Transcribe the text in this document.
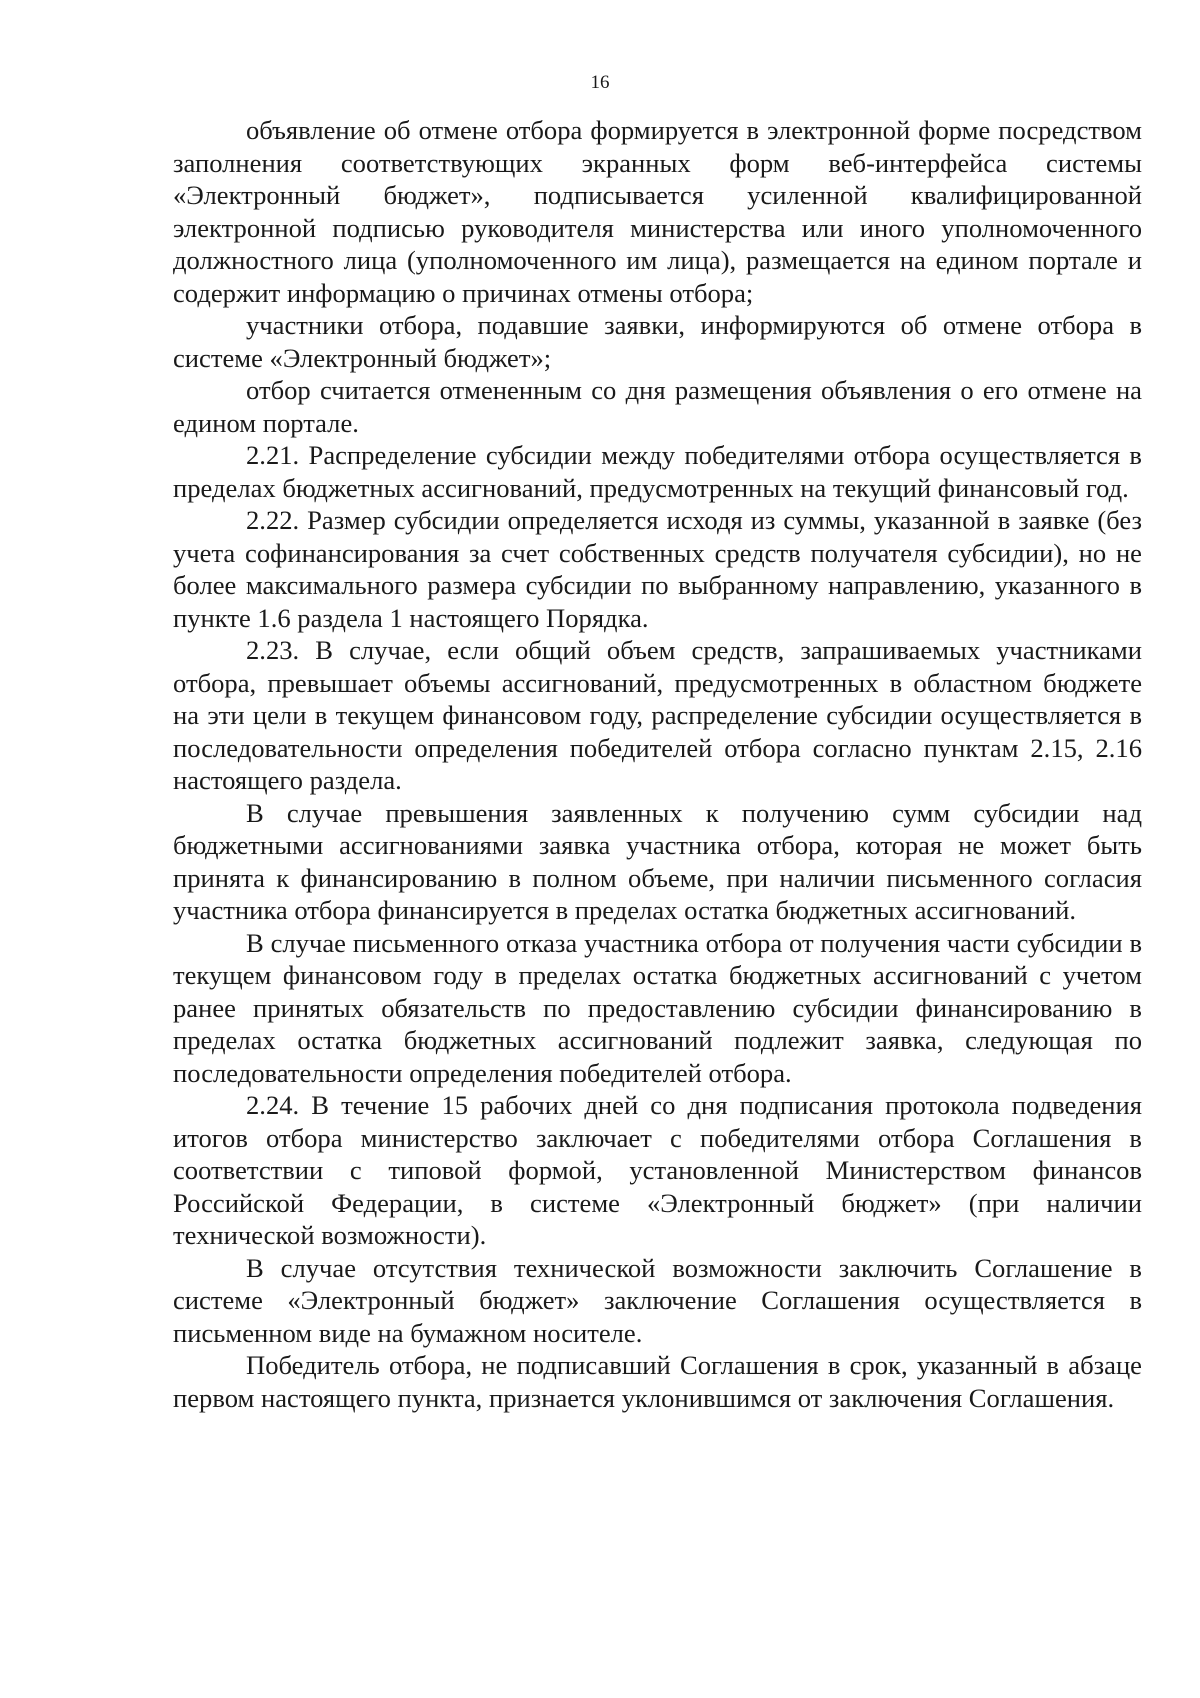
16

объявление об отмене отбора формируется в электронной форме посредством заполнения соответствующих экранных форм веб-интерфейса системы «Электронный бюджет», подписывается усиленной квалифицированной электронной подписью руководителя министерства или иного уполномоченного должностного лица (уполномоченного им лица), размещается на едином портале и содержит информацию о причинах отмены отбора;

участники отбора, подавшие заявки, информируются об отмене отбора в системе «Электронный бюджет»;

отбор считается отмененным со дня размещения объявления о его отмене на едином портале.

2.21. Распределение субсидии между победителями отбора осуществляется в пределах бюджетных ассигнований, предусмотренных на текущий финансовый год.

2.22. Размер субсидии определяется исходя из суммы, указанной в заявке (без учета софинансирования за счет собственных средств получателя субсидии), но не более максимального размера субсидии по выбранному направлению, указанного в пункте 1.6 раздела 1 настоящего Порядка.

2.23. В случае, если общий объем средств, запрашиваемых участниками отбора, превышает объемы ассигнований, предусмотренных в областном бюджете на эти цели в текущем финансовом году, распределение субсидии осуществляется в последовательности определения победителей отбора согласно пунктам 2.15, 2.16 настоящего раздела.

В случае превышения заявленных к получению сумм субсидии над бюджетными ассигнованиями заявка участника отбора, которая не может быть принята к финансированию в полном объеме, при наличии письменного согласия участника отбора финансируется в пределах остатка бюджетных ассигнований.

В случае письменного отказа участника отбора от получения части субсидии в текущем финансовом году в пределах остатка бюджетных ассигнований с учетом ранее принятых обязательств по предоставлению субсидии финансированию в пределах остатка бюджетных ассигнований подлежит заявка, следующая по последовательности определения победителей отбора.

2.24. В течение 15 рабочих дней со дня подписания протокола подведения итогов отбора министерство заключает с победителями отбора Соглашения в соответствии с типовой формой, установленной Министерством финансов Российской Федерации, в системе «Электронный бюджет» (при наличии технической возможности).

В случае отсутствия технической возможности заключить Соглашение в системе «Электронный бюджет» заключение Соглашения осуществляется в письменном виде на бумажном носителе.

Победитель отбора, не подписавший Соглашения в срок, указанный в абзаце первом настоящего пункта, признается уклонившимся от заключения Соглашения.
